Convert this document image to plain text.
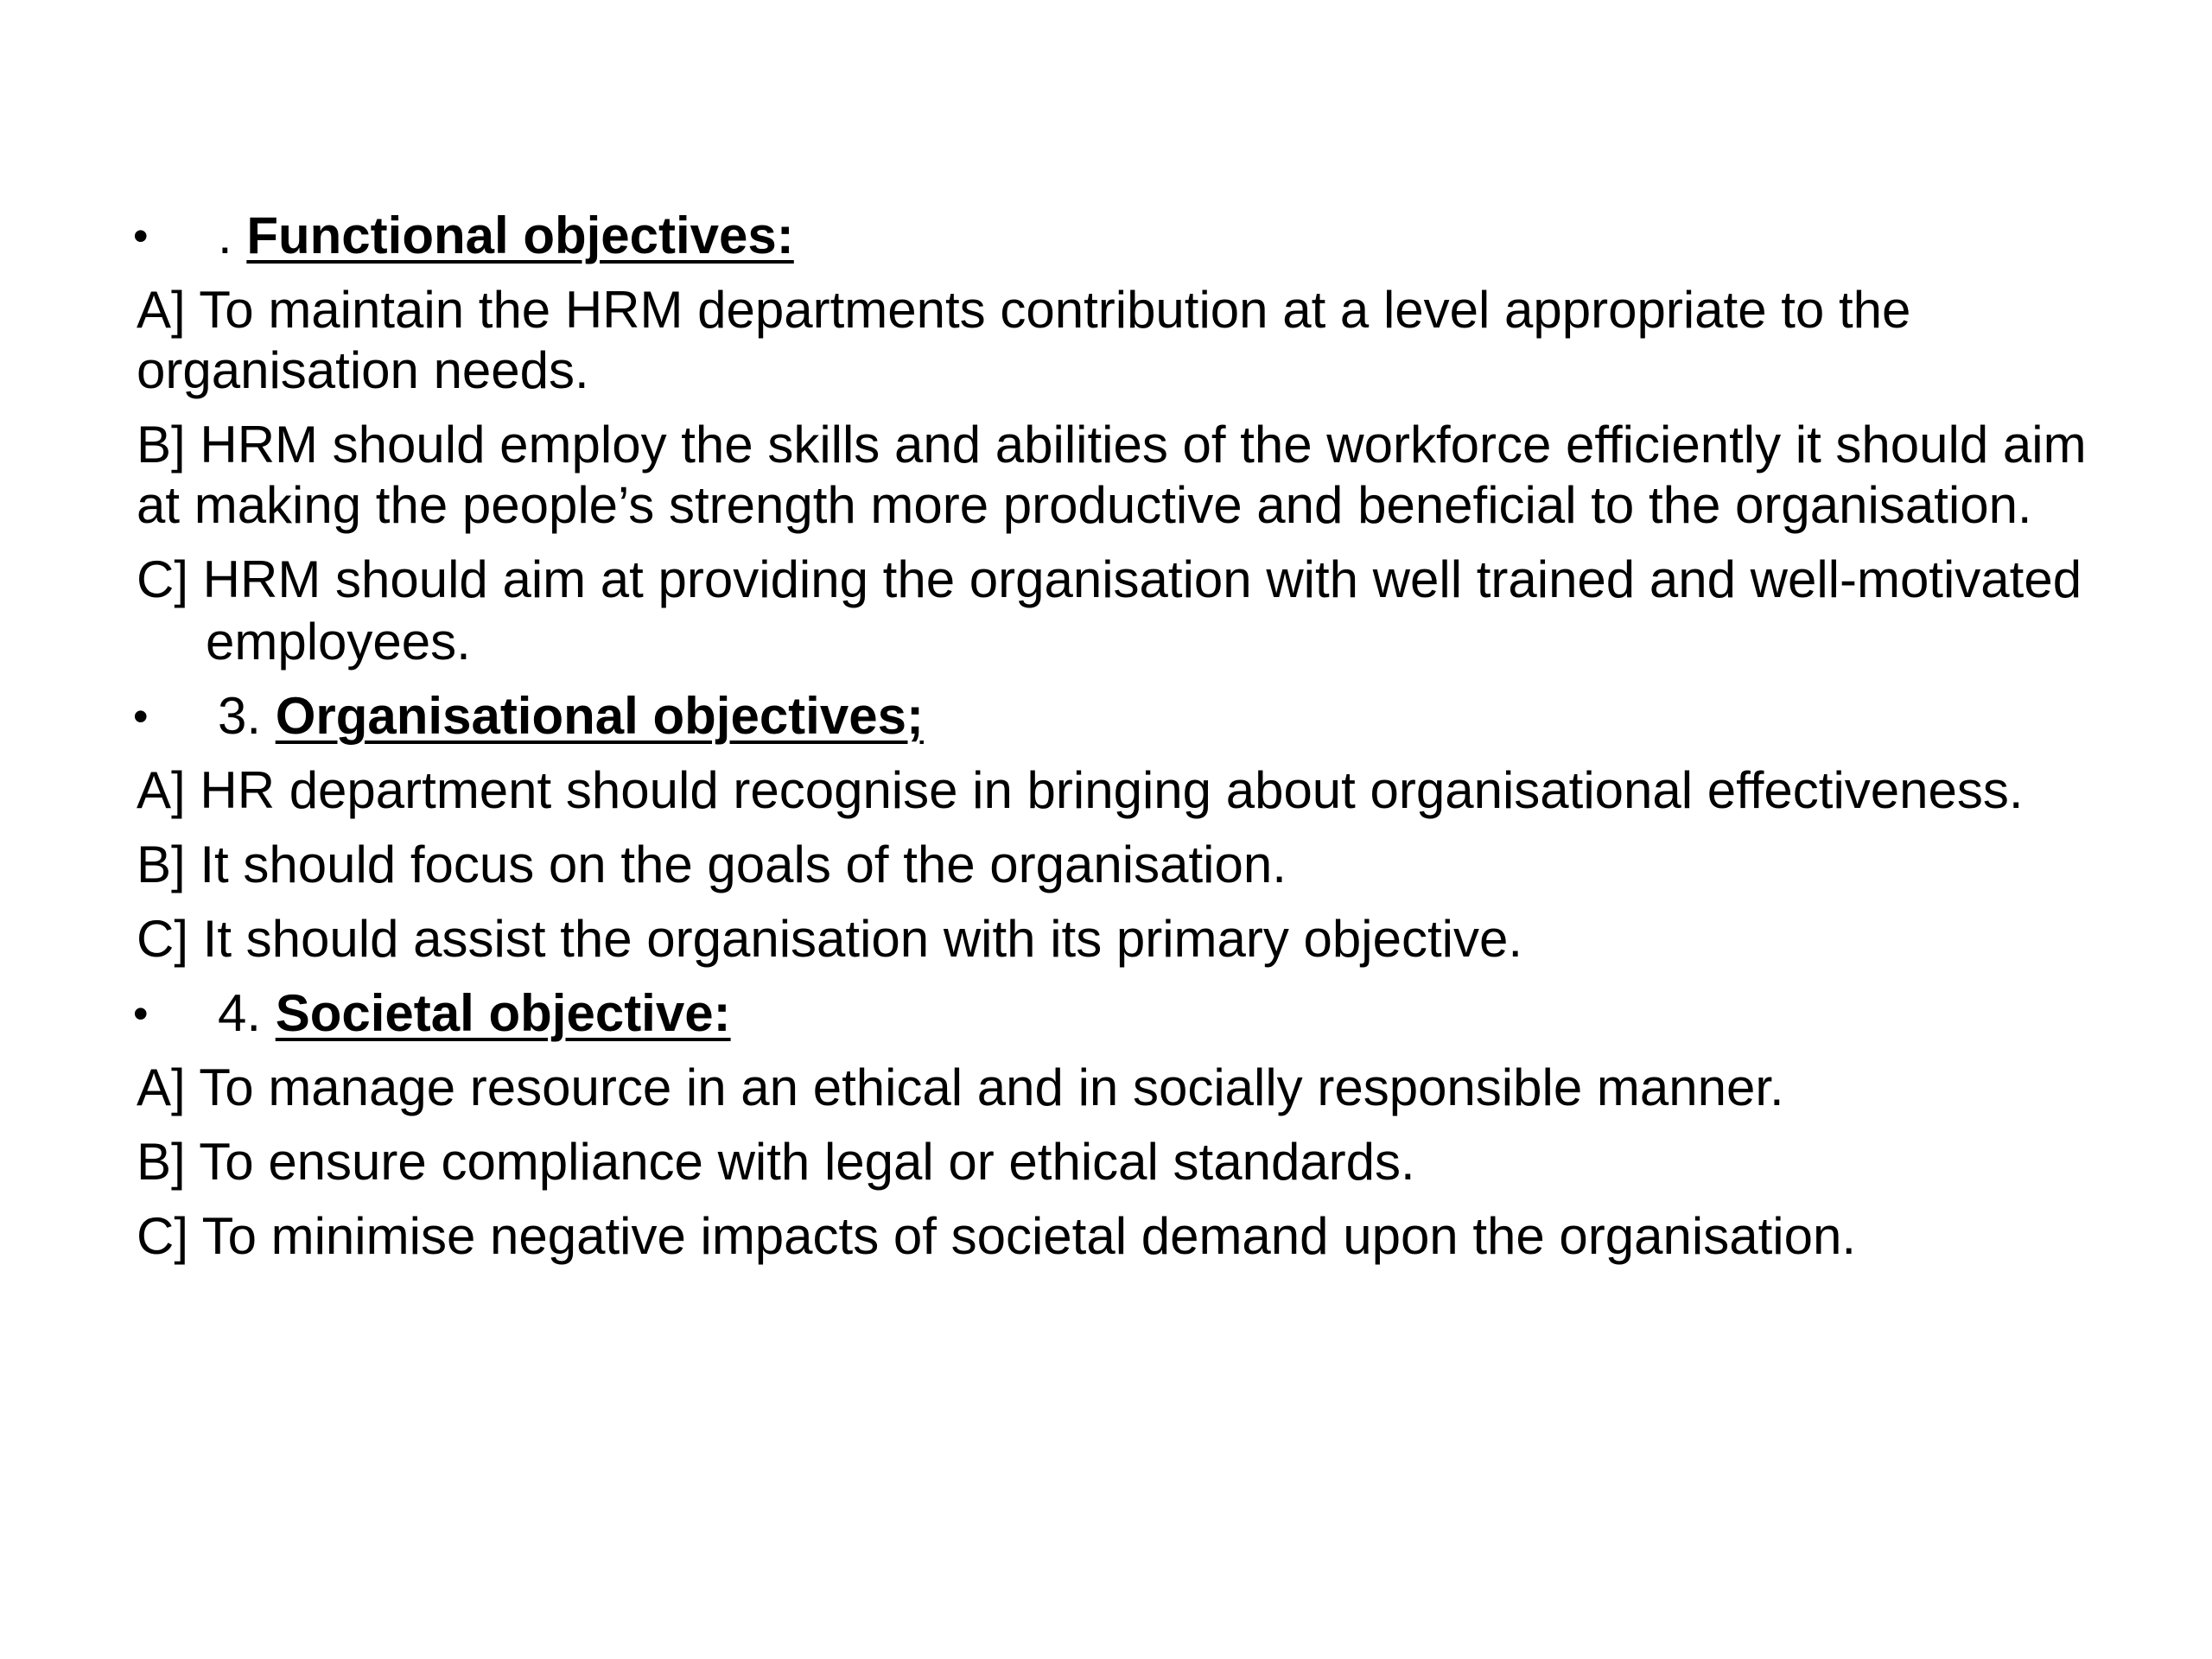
• . Functional objectives:
A] To maintain the HRM departments contribution at a level appropriate to the organisation needs.
B] HRM should employ the skills and abilities of the workforce efficiently it should aim at making the people’s strength more productive and beneficial to the organisation.
C] HRM should aim at providing the organisation with well trained and well-motivated
employees.
• 3. Organisational objectives;
A] HR department should recognise in bringing about organisational effectiveness.
B] It should focus on the goals of the organisation.
C] It should assist the organisation with its primary objective.
• 4. Societal objective:
A] To manage resource in an ethical and in socially responsible manner.
B] To ensure compliance with legal or ethical standards.
C] To minimise negative impacts of societal demand upon the organisation.
